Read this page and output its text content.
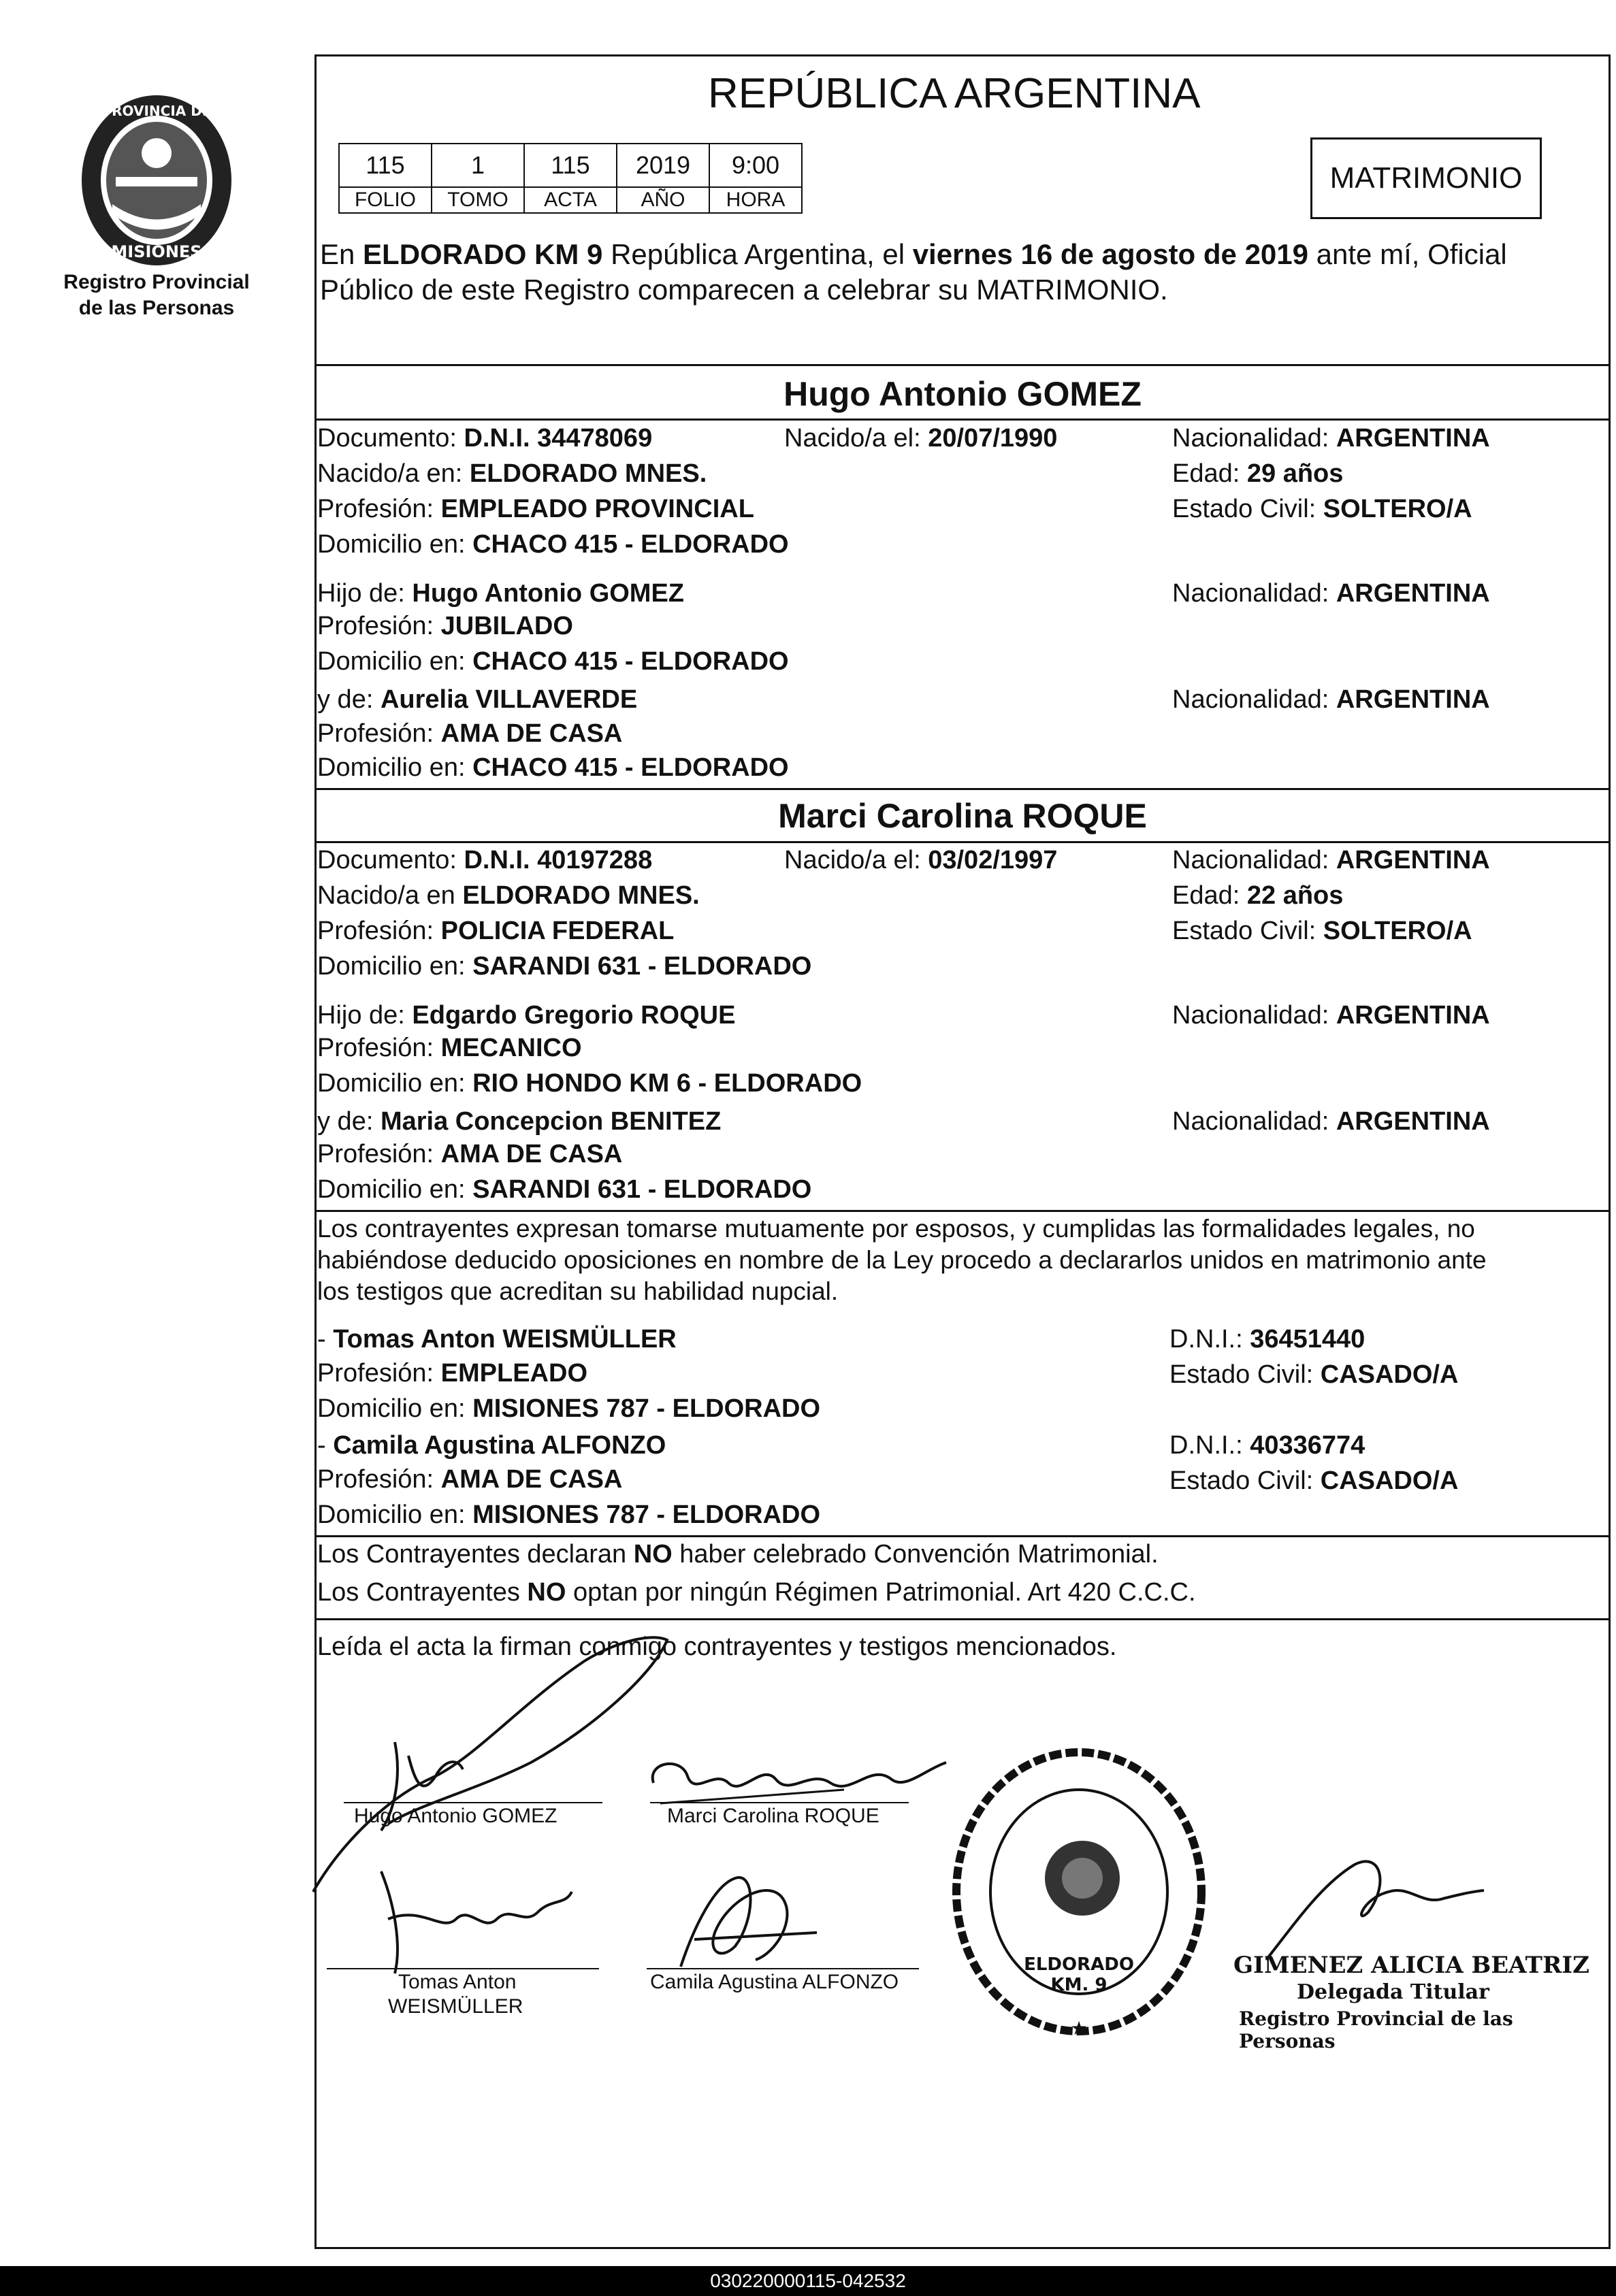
PROVINCIA DE
MISIONES
Registro Provincial
de las Personas
REPÚBLICA ARGENTINA
115	1	115	2019	9:00
FOLIO	TOMO	ACTA	AÑO	HORA
MATRIMONIO
En ELDORADO KM 9 República Argentina, el viernes 16 de agosto de 2019 ante mí, Oficial
Público de este Registro comparecen a celebrar su MATRIMONIO.
Hugo Antonio GOMEZ
Documento: D.N.I. 34478069	Nacido/a el: 20/07/1990	Nacionalidad: ARGENTINA
Nacido/a en: ELDORADO MNES.	Edad: 29 años
Profesión: EMPLEADO PROVINCIAL	Estado Civil: SOLTERO/A
Domicilio en: CHACO 415 - ELDORADO
Hijo de: Hugo Antonio GOMEZ	Nacionalidad: ARGENTINA
Profesión: JUBILADO
Domicilio en: CHACO 415 - ELDORADO
y de: Aurelia VILLAVERDE	Nacionalidad: ARGENTINA
Profesión: AMA DE CASA
Domicilio en: CHACO 415 - ELDORADO
Marci Carolina ROQUE
Documento: D.N.I. 40197288	Nacido/a el: 03/02/1997	Nacionalidad: ARGENTINA
Nacido/a en ELDORADO MNES.	Edad: 22 años
Profesión: POLICIA FEDERAL	Estado Civil: SOLTERO/A
Domicilio en: SARANDI 631 - ELDORADO
Hijo de: Edgardo Gregorio ROQUE	Nacionalidad: ARGENTINA
Profesión: MECANICO
Domicilio en: RIO HONDO KM 6 - ELDORADO
y de: Maria Concepcion BENITEZ	Nacionalidad: ARGENTINA
Profesión: AMA DE CASA
Domicilio en: SARANDI 631 - ELDORADO
Los contrayentes expresan tomarse mutuamente por esposos, y cumplidas las formalidades legales, no
habiéndose deducido oposiciones en nombre de la Ley procedo a declararlos unidos en matrimonio ante
los testigos que acreditan su habilidad nupcial.
- Tomas Anton WEISMÜLLER	D.N.I.: 36451440
Profesión: EMPLEADO	Estado Civil: CASADO/A
Domicilio en: MISIONES 787 - ELDORADO
- Camila Agustina ALFONZO	D.N.I.: 40336774
Profesión: AMA DE CASA	Estado Civil: CASADO/A
Domicilio en: MISIONES 787 - ELDORADO
Los Contrayentes declaran NO haber celebrado Convención Matrimonial.
Los Contrayentes NO optan por ningún Régimen Patrimonial. Art 420 C.C.C.
Leída el acta la firman conmigo contrayentes y testigos mencionados.
Hugo Antonio GOMEZ	Marci Carolina ROQUE
Tomas Anton
WEISMÜLLER
Camila Agustina ALFONZO
ELDORADO
KM. 9
★
GIMENEZ ALICIA BEATRIZ
Delegada Titular
Registro Provincial de las Personas
030220000115-042532
